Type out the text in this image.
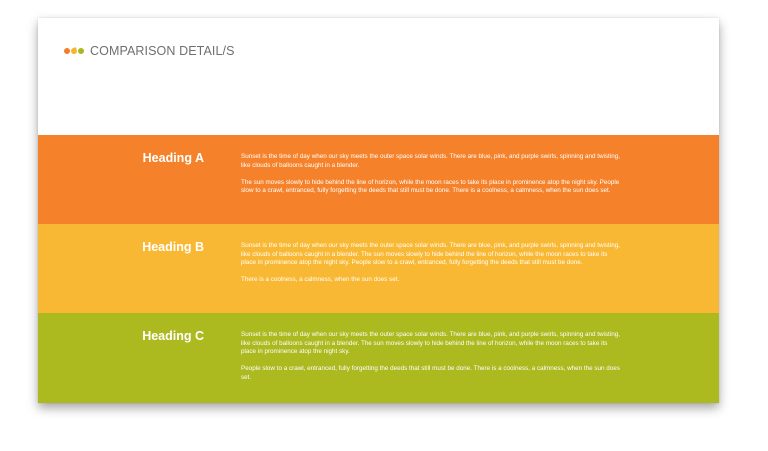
COMPARISON DETAIL/S
Heading A	Sunset is the time of day when our sky meets the outer space solar winds. There are blue, pink, and purple swirls, spinning and twisting, like clouds of balloons caught in a blender.

The sun moves slowly to hide behind the line of horizon, while the moon races to take its place in prominence atop the night sky. People slow to a crawl, entranced, fully forgetting the deeds that still must be done. There is a coolness, a calmness, when the sun does set.

Heading B	Sunset is the time of day when our sky meets the outer space solar winds. There are blue, pink, and purple swirls, spinning and twisting, like clouds of balloons caught in a blender. The sun moves slowly to hide behind the line of horizon, while the moon races to take its place in prominence atop the night sky. People slow to a crawl, entranced, fully forgetting the deeds that still must be done.

There is a coolness, a calmness, when the sun does set.

Heading C	Sunset is the time of day when our sky meets the outer space solar winds. There are blue, pink, and purple swirls, spinning and twisting, like clouds of balloons caught in a blender. The sun moves slowly to hide behind the line of horizon, while the moon races to take its place in prominence atop the night sky.

People slow to a crawl, entranced, fully forgetting the deeds that still must be done. There is a coolness, a calmness, when the sun does set.
